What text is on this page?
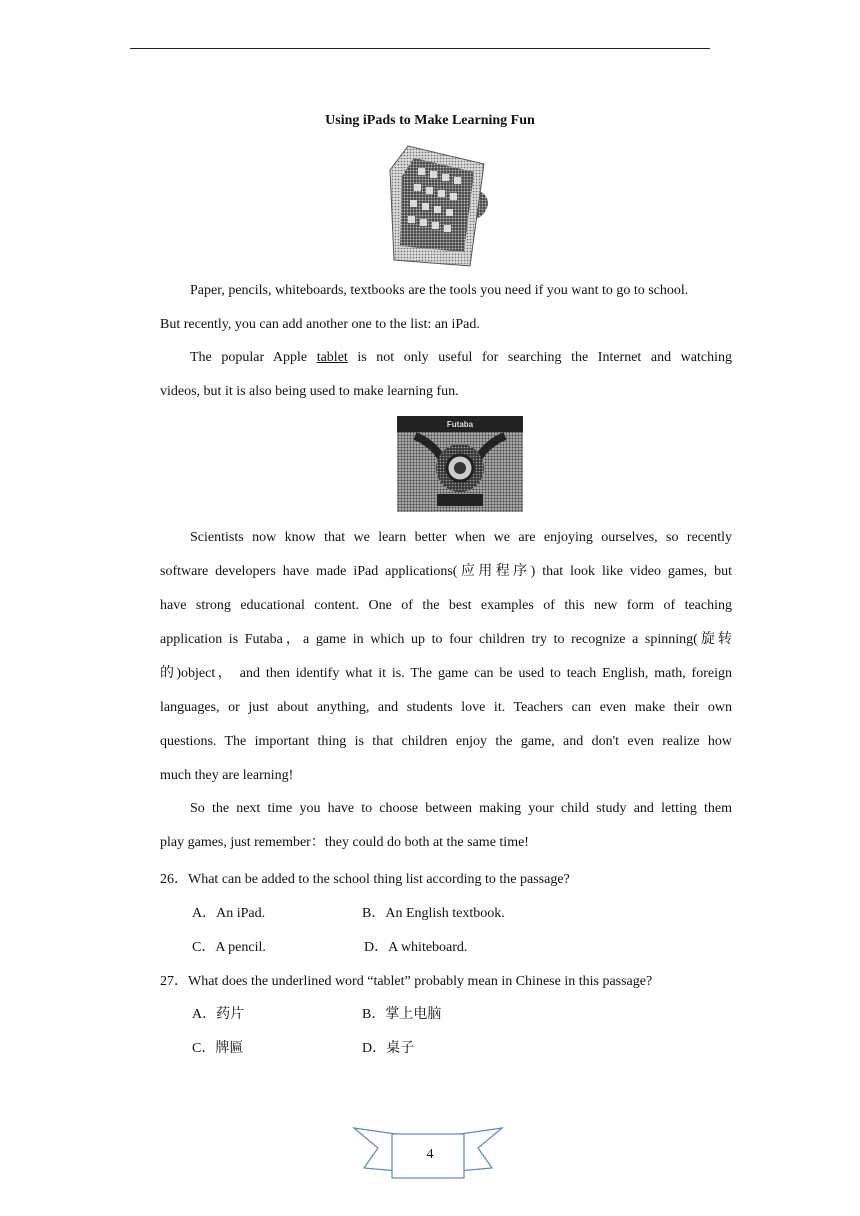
Using iPads to Make Learning Fun
Paper, pencils, whiteboards, textbooks are the tools you need if you want to go to school.
But recently, you can add another one to the list: an iPad.
The popular Apple tablet is not only useful for searching the Internet and watching
videos, but it is also being used to make learning fun.
Futaba
Scientists now know that we learn better when we are enjoying ourselves, so recently
software developers have made iPad applications(应用程序) that look like video games, but
have strong educational content. One of the best examples of this new form of teaching
application is Futaba，a game in which up to four children try to recognize a spinning(旋转
的)object， and then identify what it is. The game can be used to teach English, math, foreign
languages, or just about anything, and students love it. Teachers can even make their own
questions. The important thing is that children enjoy the game, and don't even realize how
much they are learning!
So the next time you have to choose between making your child study and letting them
play games, just remember：they could do both at the same time!
26．What can be added to the school thing list according to the passage?
A．An iPad.	B．An English textbook.
C．A pencil.	D．A whiteboard.
27．What does the underlined word “tablet” probably mean in Chinese in this passage?
A．药片	B．掌上电脑
C．牌匾	D．桌子
4
